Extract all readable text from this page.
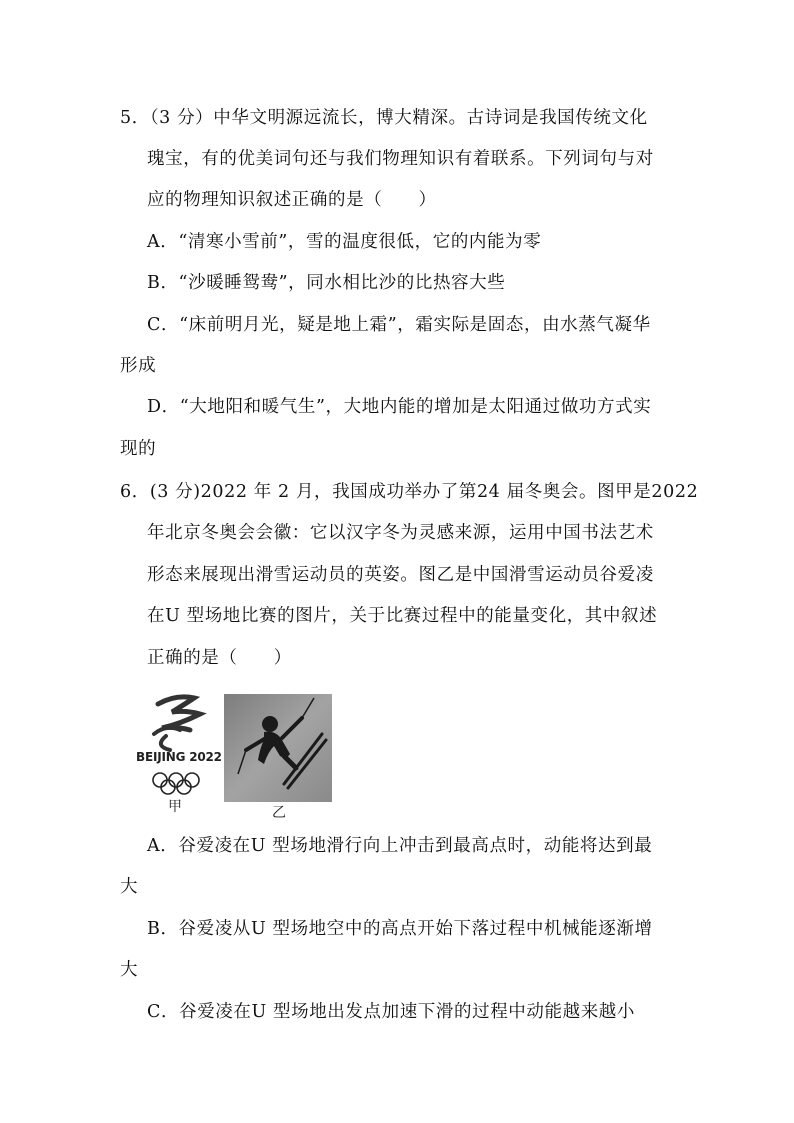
5．（3 分）中华文明源远流长，博大精深。古诗词是我国传统文化
瑰宝，有的优美词句还与我们物理知识有着联系。下列词句与对
应的物理知识叙述正确的是（　　）
A．“清寒小雪前”，雪的温度很低，它的内能为零
B．“沙暖睡鸳鸯”，同水相比沙的比热容大些
C．“床前明月光，疑是地上霜”，霜实际是固态，由水蒸气凝华
形成
D．“大地阳和暖气生”，大地内能的增加是太阳通过做功方式实
现的
6．(3 分)2022 年 2 月，我国成功举办了第24 届冬奥会。图甲是2022
年北京冬奥会会徽：它以汉字冬为灵感来源，运用中国书法艺术
形态来展现出滑雪运动员的英姿。图乙是中国滑雪运动员谷爱凌
在U 型场地比赛的图片，关于比赛过程中的能量变化，其中叙述
正确的是（　　）
BEIJING 2022
甲	乙
A．谷爱凌在U 型场地滑行向上冲击到最高点时，动能将达到最
大
B．谷爱凌从U 型场地空中的高点开始下落过程中机械能逐渐增
大
C．谷爱凌在U 型场地出发点加速下滑的过程中动能越来越小
